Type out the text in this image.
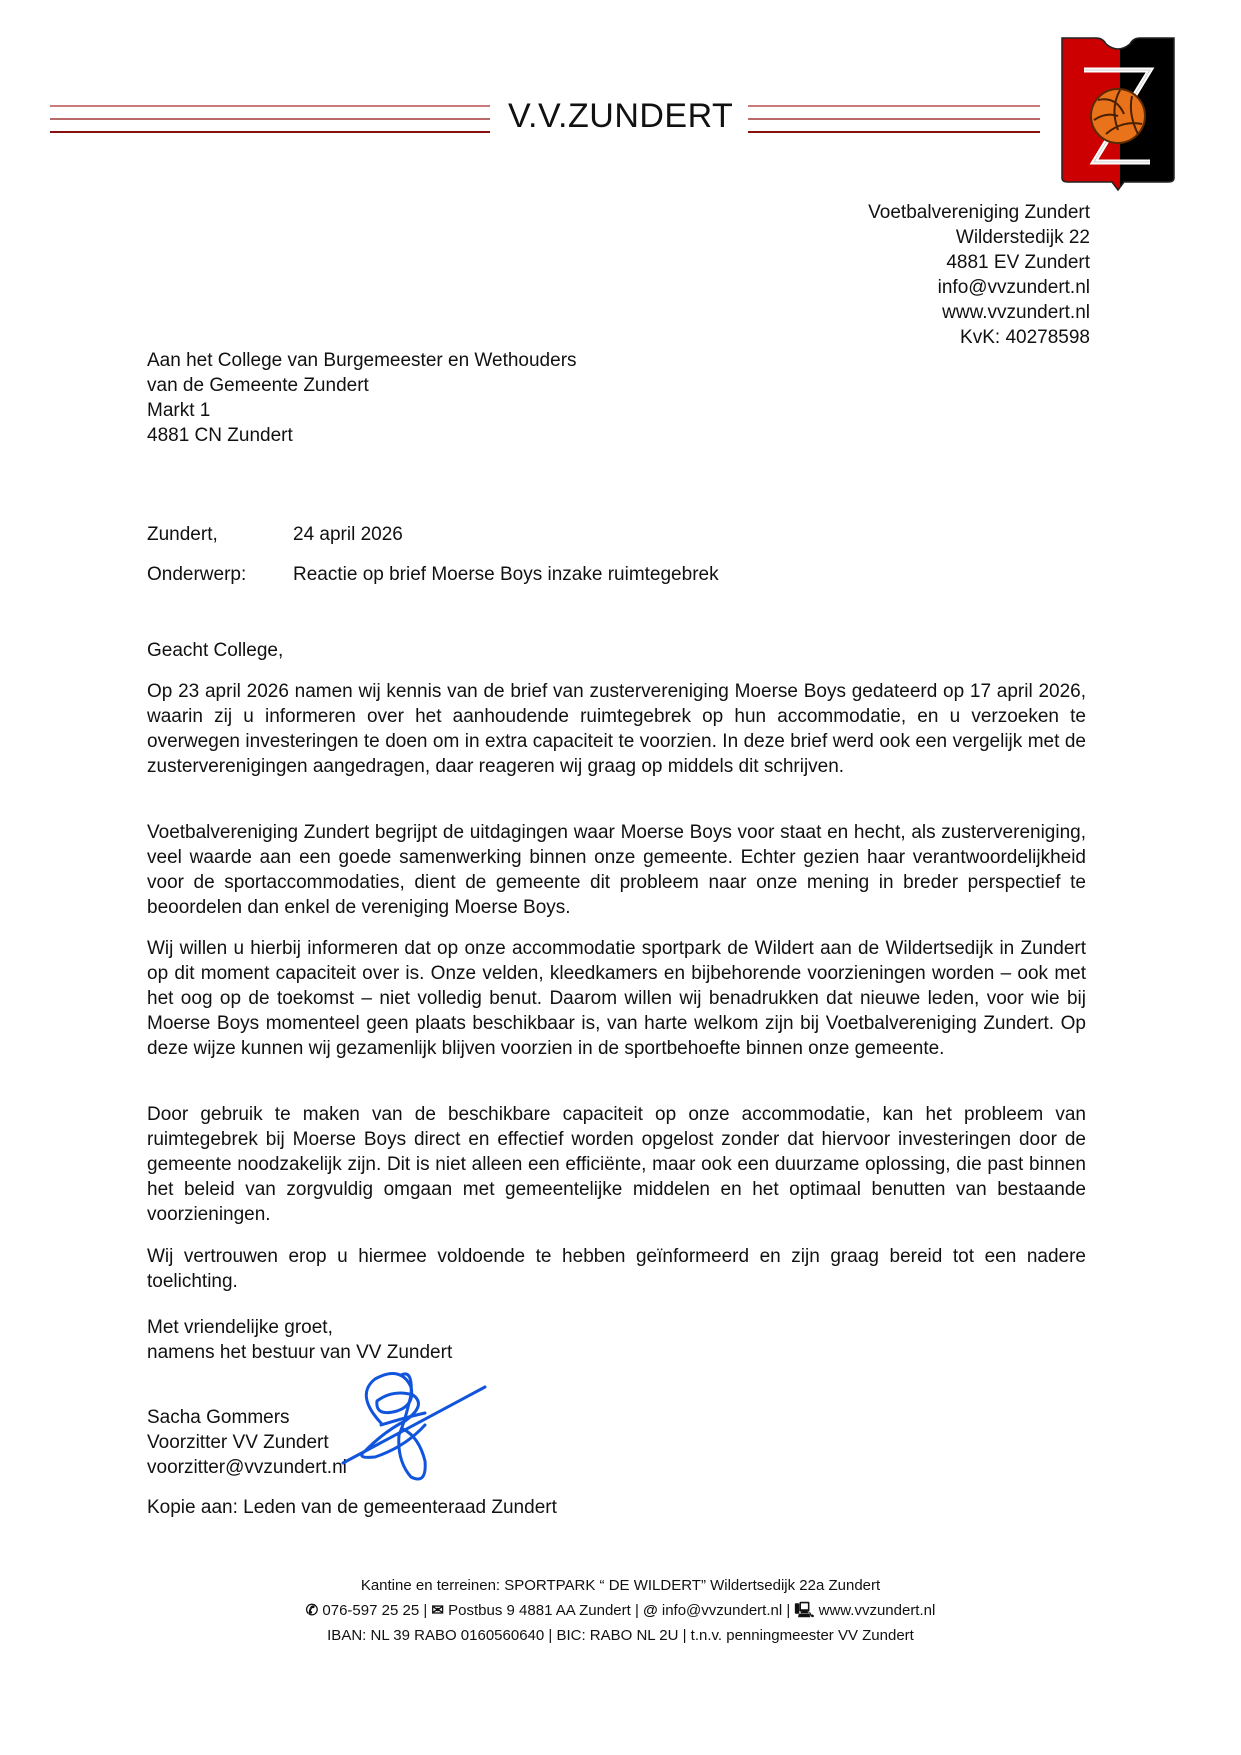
V.V.ZUNDERT
Voetbalvereniging Zundert
Wilderstedijk 22
4881 EV Zundert
info@vvzundert.nl
www.vvzundert.nl
KvK: 40278598
Aan het College van Burgemeester en Wethouders
van de Gemeente Zundert
Markt 1
4881 CN Zundert
Zundert,	24 april 2026
Onderwerp: Reactie op brief Moerse Boys inzake ruimtegebrek
Geacht College,
Op 23 april 2026 namen wij kennis van de brief van zustervereniging Moerse Boys gedateerd op 17 april 2026, waarin zij u informeren over het aanhoudende ruimtegebrek op hun accommodatie, en u verzoeken te overwegen investeringen te doen om in extra capaciteit te voorzien. In deze brief werd ook een vergelijk met de zusterverenigingen aangedragen, daar reageren wij graag op middels dit schrijven.
Voetbalvereniging Zundert begrijpt de uitdagingen waar Moerse Boys voor staat en hecht, als zustervereniging, veel waarde aan een goede samenwerking binnen onze gemeente. Echter gezien haar verantwoordelijkheid voor de sportaccommodaties, dient de gemeente dit probleem naar onze mening in breder perspectief te beoordelen dan enkel de vereniging Moerse Boys.
Wij willen u hierbij informeren dat op onze accommodatie sportpark de Wildert aan de Wildertsedijk in Zundert op dit moment capaciteit over is. Onze velden, kleedkamers en bijbehorende voorzieningen worden – ook met het oog op de toekomst – niet volledig benut. Daarom willen wij benadrukken dat nieuwe leden, voor wie bij Moerse Boys momenteel geen plaats beschikbaar is, van harte welkom zijn bij Voetbalvereniging Zundert. Op deze wijze kunnen wij gezamenlijk blijven voorzien in de sportbehoefte binnen onze gemeente.
Door gebruik te maken van de beschikbare capaciteit op onze accommodatie, kan het probleem van ruimtegebrek bij Moerse Boys direct en effectief worden opgelost zonder dat hiervoor investeringen door de gemeente noodzakelijk zijn. Dit is niet alleen een efficiënte, maar ook een duurzame oplossing, die past binnen het beleid van zorgvuldig omgaan met gemeentelijke middelen en het optimaal benutten van bestaande voorzieningen.
Wij vertrouwen erop u hiermee voldoende te hebben geïnformeerd en zijn graag bereid tot een nadere toelichting.
Met vriendelijke groet,
namens het bestuur van VV Zundert
Sacha Gommers
Voorzitter VV Zundert
voorzitter@vvzundert.nl
Kopie aan: Leden van de gemeenteraad Zundert
Kantine en terreinen: SPORTPARK “ DE WILDERT” Wildertsedijk 22a Zundert
✆ 076-597 25 25 | ✉ Postbus 9 4881 AA Zundert | @ info@vvzundert.nl | 🖳 www.vvzundert.nl
IBAN: NL 39 RABO 0160560640 | BIC: RABO NL 2U | t.n.v. penningmeester VV Zundert
